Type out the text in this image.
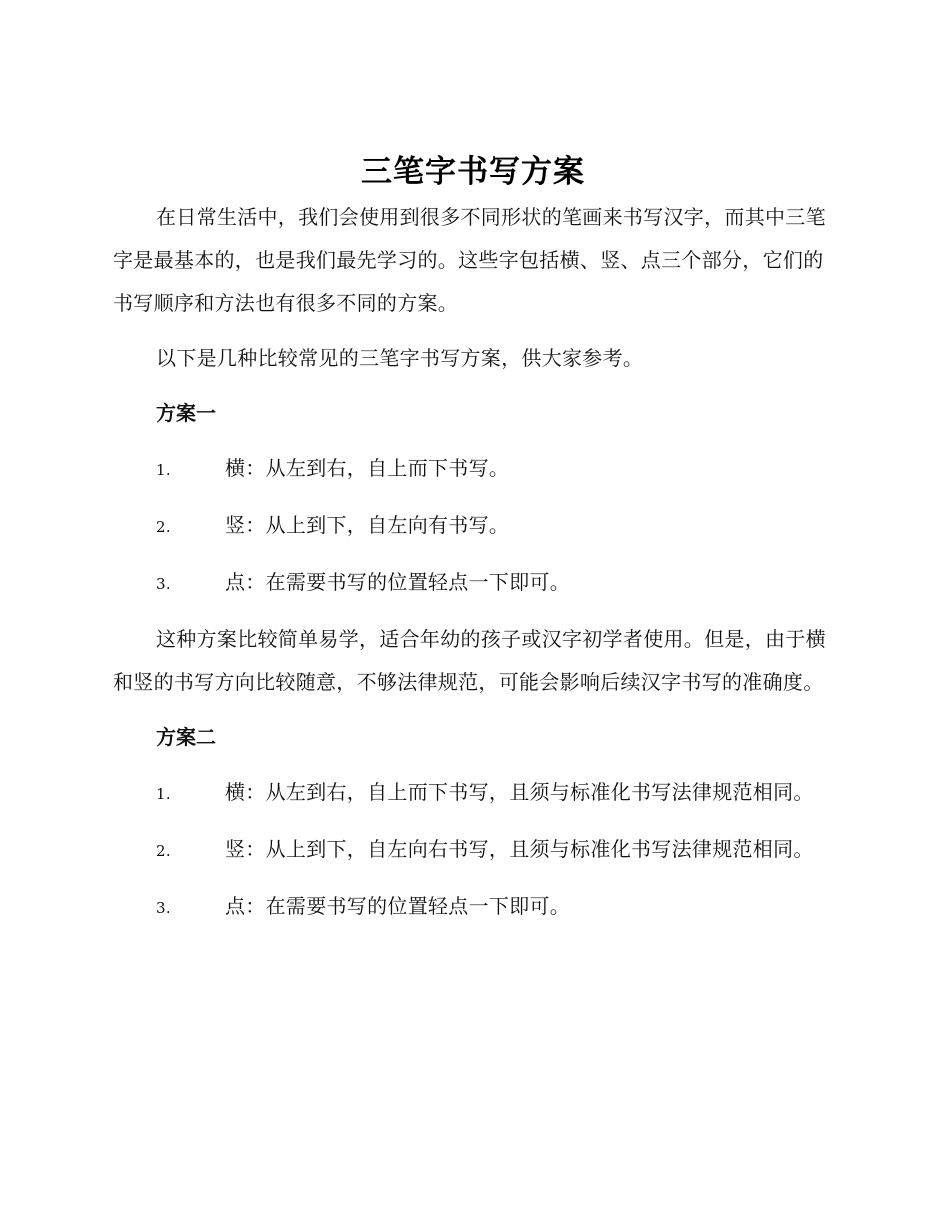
三笔字书写方案

在日常生活中，我们会使用到很多不同形状的笔画来书写汉字，而其中三笔字是最基本的，也是我们最先学习的。这些字包括横、竖、点三个部分，它们的书写顺序和方法也有很多不同的方案。

以下是几种比较常见的三笔字书写方案，供大家参考。

方案一
1.	横：从左到右，自上而下书写。
2.	竖：从上到下，自左向有书写。
3.	点：在需要书写的位置轻点一下即可。

这种方案比较简单易学，适合年幼的孩子或汉字初学者使用。但是，由于横和竖的书写方向比较随意，不够法律规范，可能会影响后续汉字书写的准确度。

方案二
1.	横：从左到右，自上而下书写，且须与标准化书写法律规范相同。
2.	竖：从上到下，自左向右书写，且须与标准化书写法律规范相同。
3.	点：在需要书写的位置轻点一下即可。
